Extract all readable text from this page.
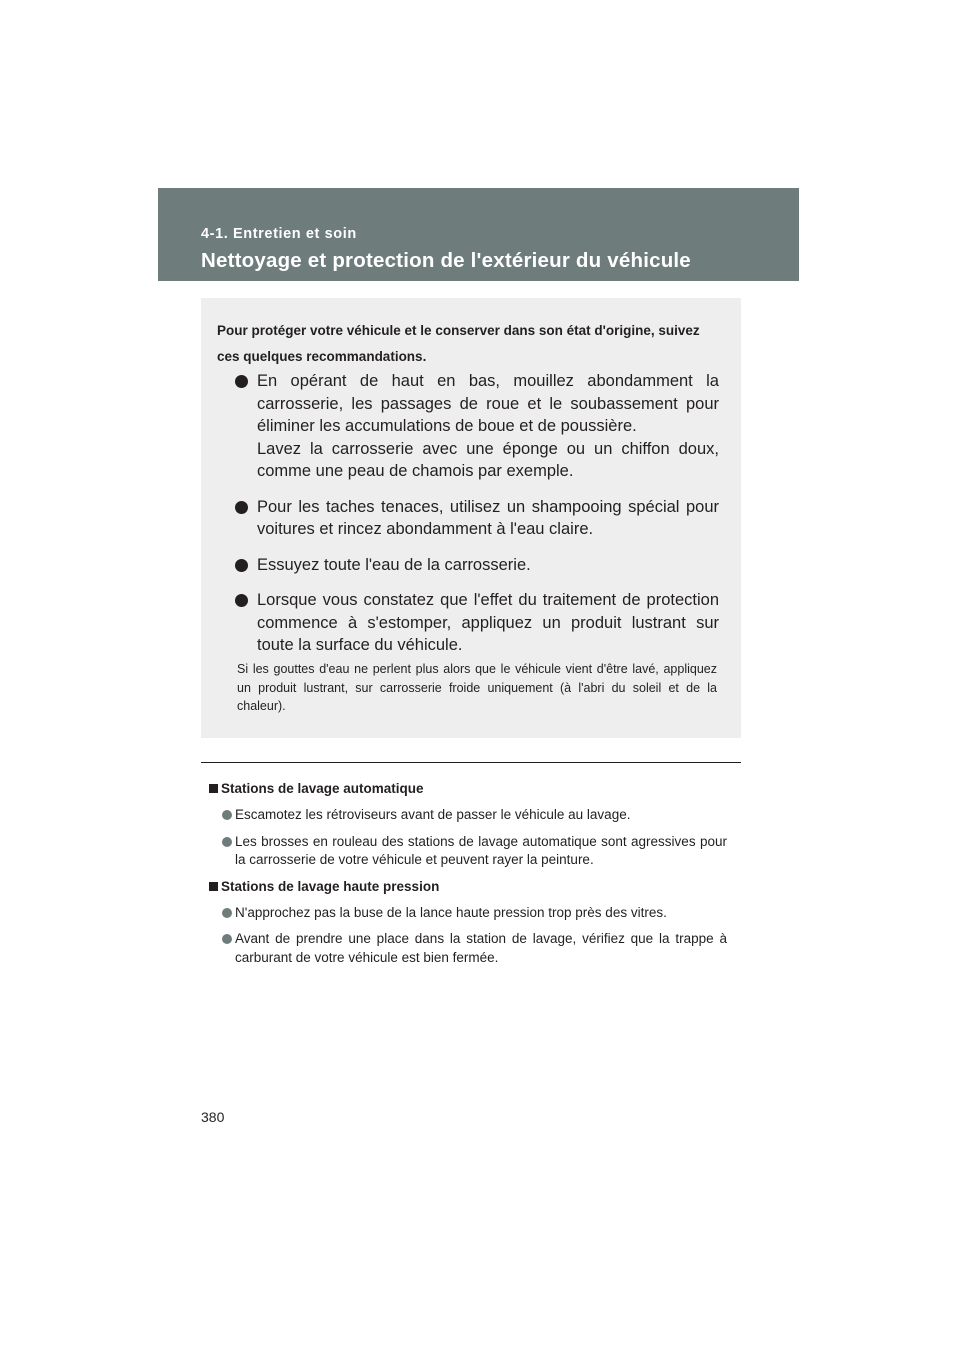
4-1. Entretien et soin
Nettoyage et protection de l'extérieur du véhicule
Pour protéger votre véhicule et le conserver dans son état d'origine, suivez ces quelques recommandations.
En opérant de haut en bas, mouillez abondamment la carrosserie, les passages de roue et le soubassement pour éliminer les accumulations de boue et de poussière.
Lavez la carrosserie avec une éponge ou un chiffon doux, comme une peau de chamois par exemple.
Pour les taches tenaces, utilisez un shampooing spécial pour voitures et rincez abondamment à l'eau claire.
Essuyez toute l'eau de la carrosserie.
Lorsque vous constatez que l'effet du traitement de protection commence à s'estomper, appliquez un produit lustrant sur toute la surface du véhicule.
Si les gouttes d'eau ne perlent plus alors que le véhicule vient d'être lavé, appliquez un produit lustrant, sur carrosserie froide uniquement (à l'abri du soleil et de la chaleur).
Stations de lavage automatique
Escamotez les rétroviseurs avant de passer le véhicule au lavage.
Les brosses en rouleau des stations de lavage automatique sont agressives pour la carrosserie de votre véhicule et peuvent rayer la peinture.
Stations de lavage haute pression
N'approchez pas la buse de la lance haute pression trop près des vitres.
Avant de prendre une place dans la station de lavage, vérifiez que la trappe à carburant de votre véhicule est bien fermée.
380
